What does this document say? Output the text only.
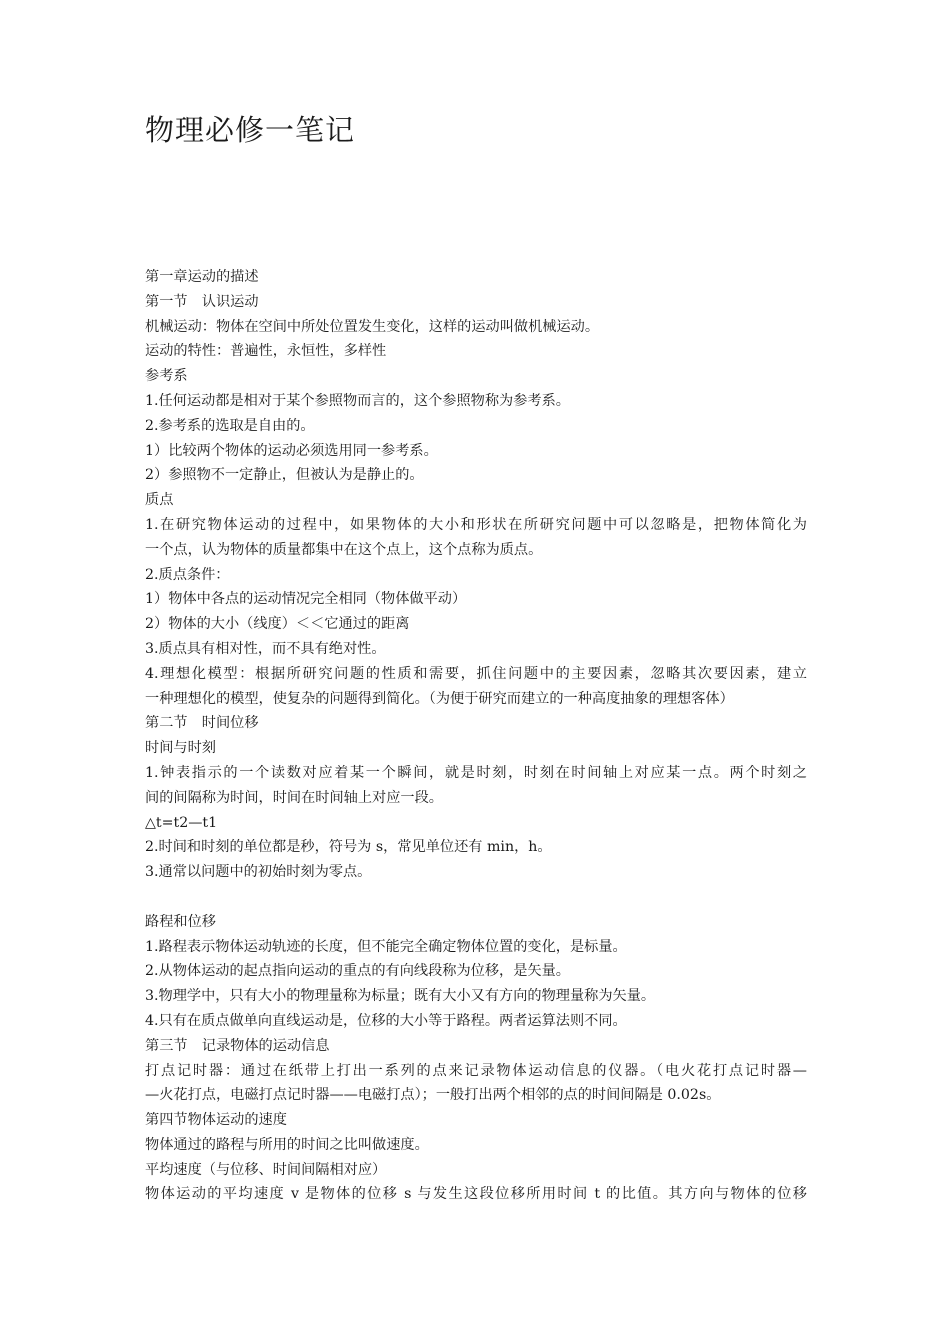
物理必修一笔记
第一章运动的描述
第一节　认识运动
机械运动：物体在空间中所处位置发生变化，这样的运动叫做机械运动。
运动的特性：普遍性，永恒性，多样性
参考系
1.任何运动都是相对于某个参照物而言的，这个参照物称为参考系。
2.参考系的选取是自由的。
1）比较两个物体的运动必须选用同一参考系。
2）参照物不一定静止，但被认为是静止的。
质点
1.在研究物体运动的过程中，如果物体的大小和形状在所研究问题中可以忽略是，把物体简化为
一个点，认为物体的质量都集中在这个点上，这个点称为质点。
2.质点条件：
1）物体中各点的运动情况完全相同（物体做平动）
2）物体的大小（线度）＜＜它通过的距离
3.质点具有相对性，而不具有绝对性。
4.理想化模型：根据所研究问题的性质和需要，抓住问题中的主要因素，忽略其次要因素，建立
一种理想化的模型，使复杂的问题得到简化。（为便于研究而建立的一种高度抽象的理想客体）
第二节　时间位移
时间与时刻
1.钟表指示的一个读数对应着某一个瞬间，就是时刻，时刻在时间轴上对应某一点。两个时刻之
间的间隔称为时间，时间在时间轴上对应一段。
△t=t2—t1
2.时间和时刻的单位都是秒，符号为 s，常见单位还有 min，h。
3.通常以问题中的初始时刻为零点。
路程和位移
1.路程表示物体运动轨迹的长度，但不能完全确定物体位置的变化，是标量。
2.从物体运动的起点指向运动的重点的有向线段称为位移，是矢量。
3.物理学中，只有大小的物理量称为标量；既有大小又有方向的物理量称为矢量。
4.只有在质点做单向直线运动是，位移的大小等于路程。两者运算法则不同。
第三节　记录物体的运动信息
打点记时器：通过在纸带上打出一系列的点来记录物体运动信息的仪器。（电火花打点记时器—
—火花打点，电磁打点记时器——电磁打点）；一般打出两个相邻的点的时间间隔是 0.02s。
第四节物体运动的速度
物体通过的路程与所用的时间之比叫做速度。
平均速度（与位移、时间间隔相对应）
物体运动的平均速度 v 是物体的位移 s 与发生这段位移所用时间 t 的比值。其方向与物体的位移
